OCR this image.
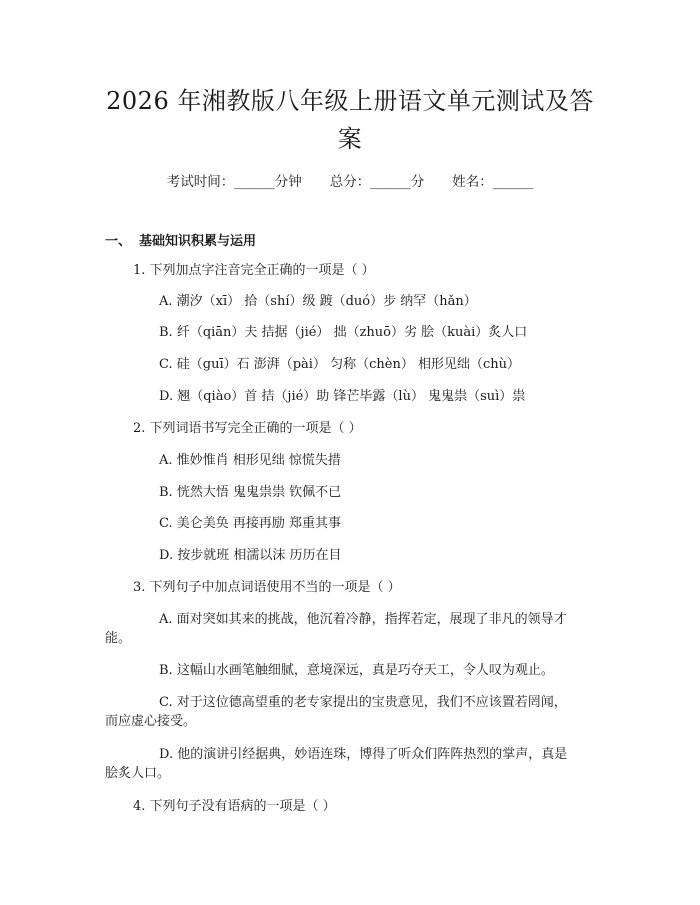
2026 年湘教版八年级上册语文单元测试及答
案
考试时间：______分钟 总分：______分 姓名：______
一、 基础知识积累与运用
1. 下列加点字注音完全正确的一项是（ ）
A. 潮汐（xī） 拾（shí）级 踱（duó）步 纳罕（hǎn）
B. 纤（qiān）夫 拮据（jié） 拙（zhuō）劣 脍（kuài）炙人口
C. 硅（guī）石 澎湃（pài） 匀称（chèn） 相形见绌（chù）
D. 翘（qiào）首 拮（jié）助 锋芒毕露（lù） 鬼鬼祟（suì）祟
2. 下列词语书写完全正确的一项是（ ）
A. 惟妙惟肖 相形见绌 惊慌失措
B. 恍然大悟 鬼鬼祟祟 钦佩不已
C. 美仑美奂 再接再励 郑重其事
D. 按步就班 相濡以沫 历历在目
3. 下列句子中加点词语使用不当的一项是（ ）
A. 面对突如其来的挑战，他沉着冷静，指挥若定，展现了非凡的领导才
能。
B. 这幅山水画笔触细腻，意境深远，真是巧夺天工，令人叹为观止。
C. 对于这位德高望重的老专家提出的宝贵意见，我们不应该置若罔闻，
而应虚心接受。
D. 他的演讲引经据典，妙语连珠，博得了听众们阵阵热烈的掌声，真是
脍炙人口。
4. 下列句子没有语病的一项是（ ）
